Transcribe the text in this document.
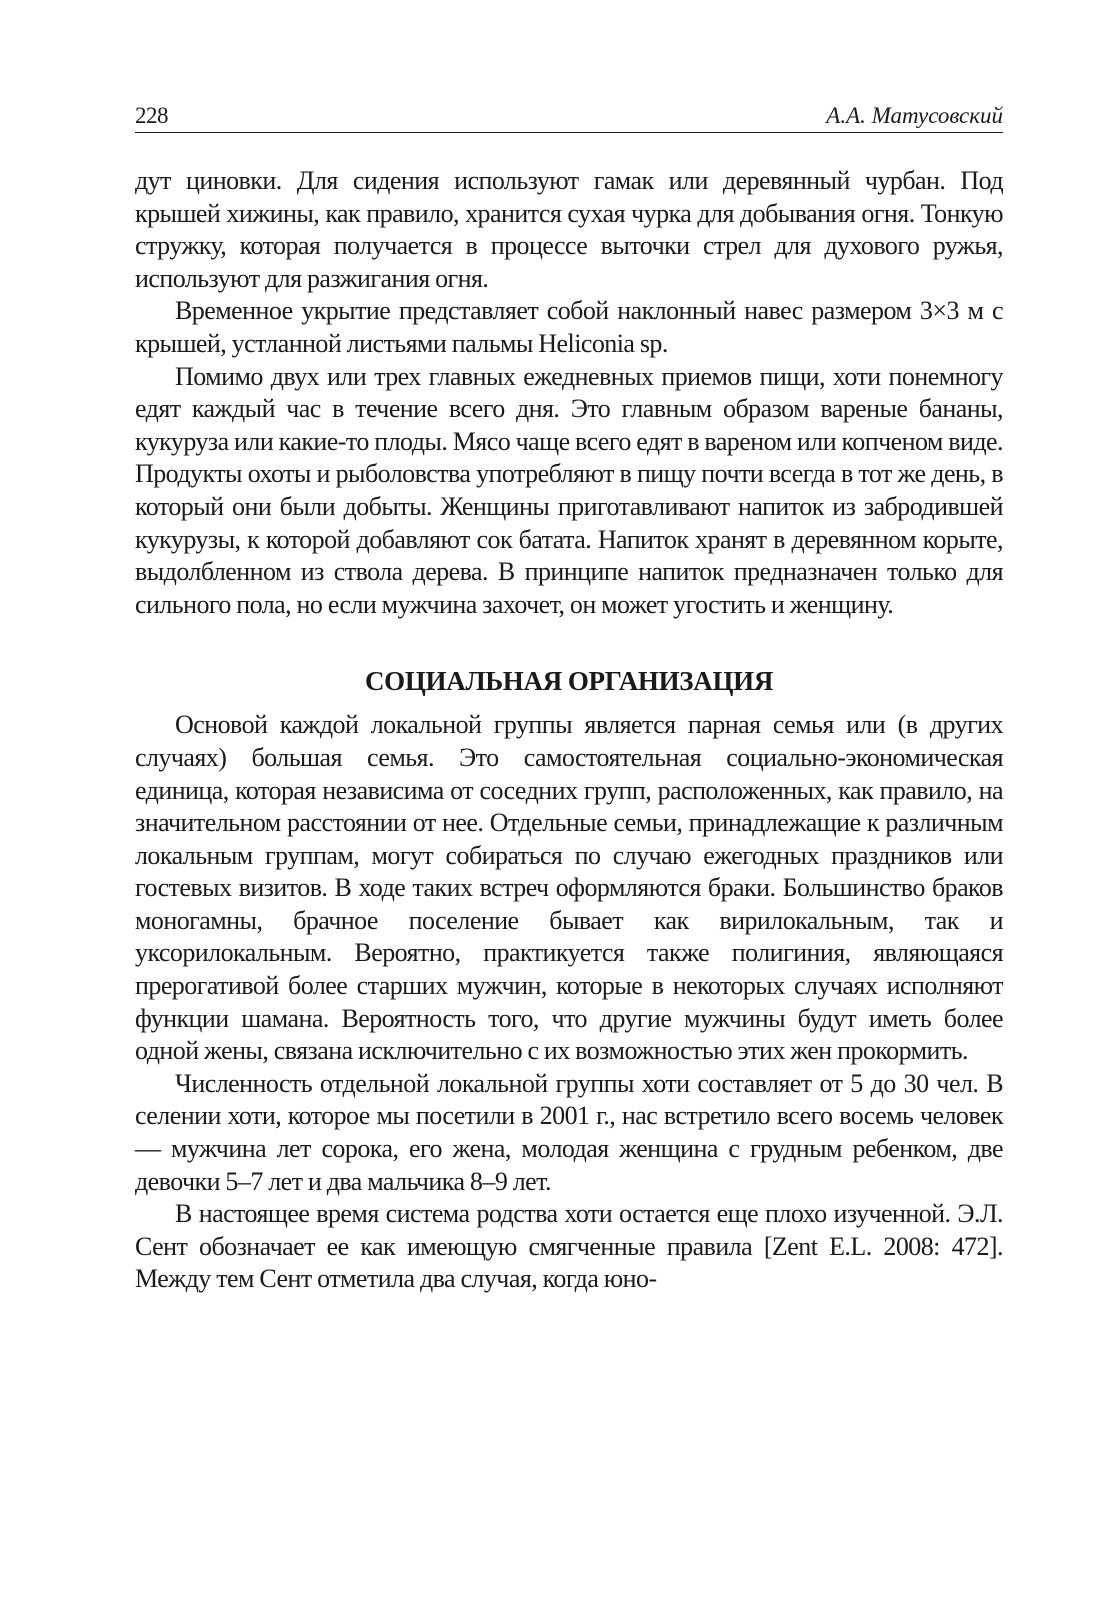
228	А.А. Матусовский

дут циновки. Для сидения используют гамак или деревянный чурбан. Под крышей хижины, как правило, хранится сухая чурка для добывания огня. Тонкую стружку, которая получается в процессе выточки стрел для духового ружья, используют для разжигания огня.

Временное укрытие представляет собой наклонный навес размером 3×3 м с крышей, устланной листьями пальмы Heliconia sp.

Помимо двух или трех главных ежедневных приемов пищи, хоти понемногу едят каждый час в течение всего дня. Это главным образом вареные бананы, кукуруза или какие-то плоды. Мясо чаще всего едят в вареном или копченом виде. Продукты охоты и рыболовства употребляют в пищу почти всегда в тот же день, в который они были добыты. Женщины приготавливают напиток из забродившей кукурузы, к которой добавляют сок батата. Напиток хранят в деревянном корыте, выдолбленном из ствола дерева. В принципе напиток предназначен только для сильного пола, но если мужчина захочет, он может угостить и женщину.

СОЦИАЛЬНАЯ ОРГАНИЗАЦИЯ

Основой каждой локальной группы является парная семья или (в других случаях) большая семья. Это самостоятельная социально-экономическая единица, которая независима от соседних групп, расположенных, как правило, на значительном расстоянии от нее. Отдельные семьи, принадлежащие к различным локальным группам, могут собираться по случаю ежегодных праздников или гостевых визитов. В ходе таких встреч оформляются браки. Большинство браков моногамны, брачное поселение бывает как вирилокальным, так и уксорилокальным. Вероятно, практикуется также полигиния, являющаяся прерогативой более старших мужчин, которые в некоторых случаях исполняют функции шамана. Вероятность того, что другие мужчины будут иметь более одной жены, связана исключительно с их возможностью этих жен прокормить.

Численность отдельной локальной группы хоти составляет от 5 до 30 чел. В селении хоти, которое мы посетили в 2001 г., нас встретило всего восемь человек — мужчина лет сорока, его жена, молодая женщина с грудным ребенком, две девочки 5–7 лет и два мальчика 8–9 лет.

В настоящее время система родства хоти остается еще плохо изученной. Э.Л. Сент обозначает ее как имеющую смягченные правила [Zent E.L. 2008: 472]. Между тем Сент отметила два случая, когда юно-
